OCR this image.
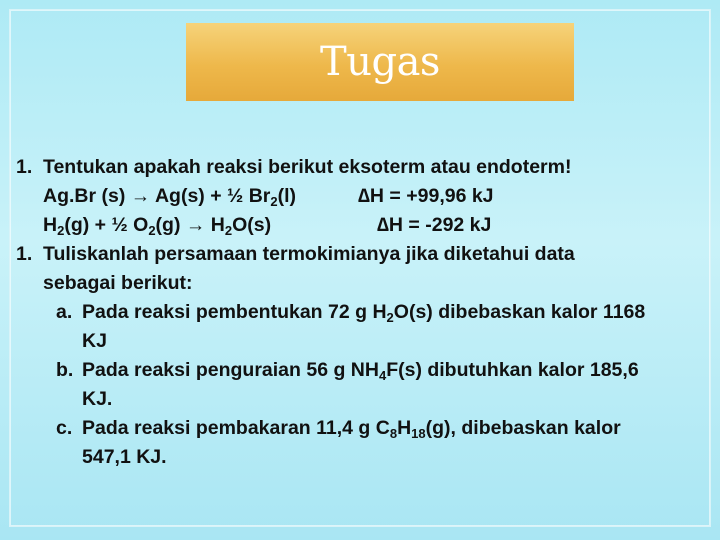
Tugas
1. Tentukan apakah reaksi berikut eksoterm atau endoterm!
Ag.Br (s) → Ag(s) + ½ $Br_2(l)$	∆H = +99,96 kJ
$H_2(g)$ + ½ $O_2(g) \to H_2O(s)$	∆H = -292 kJ
1. Tuliskanlah persamaan termokimianya jika diketahui data
sebagai berikut:
a. Pada reaksi pembentukan 72 g $H_2O(s)$ dibebaskan kalor 1168
KJ
b. Pada reaksi penguraian 56 g $NH_4F(s)$ dibutuhkan kalor 185,6
KJ.
c. Pada reaksi pembakaran 11,4 g $C_8H_{18}(g)$, dibebaskan kalor
547,1 KJ.
